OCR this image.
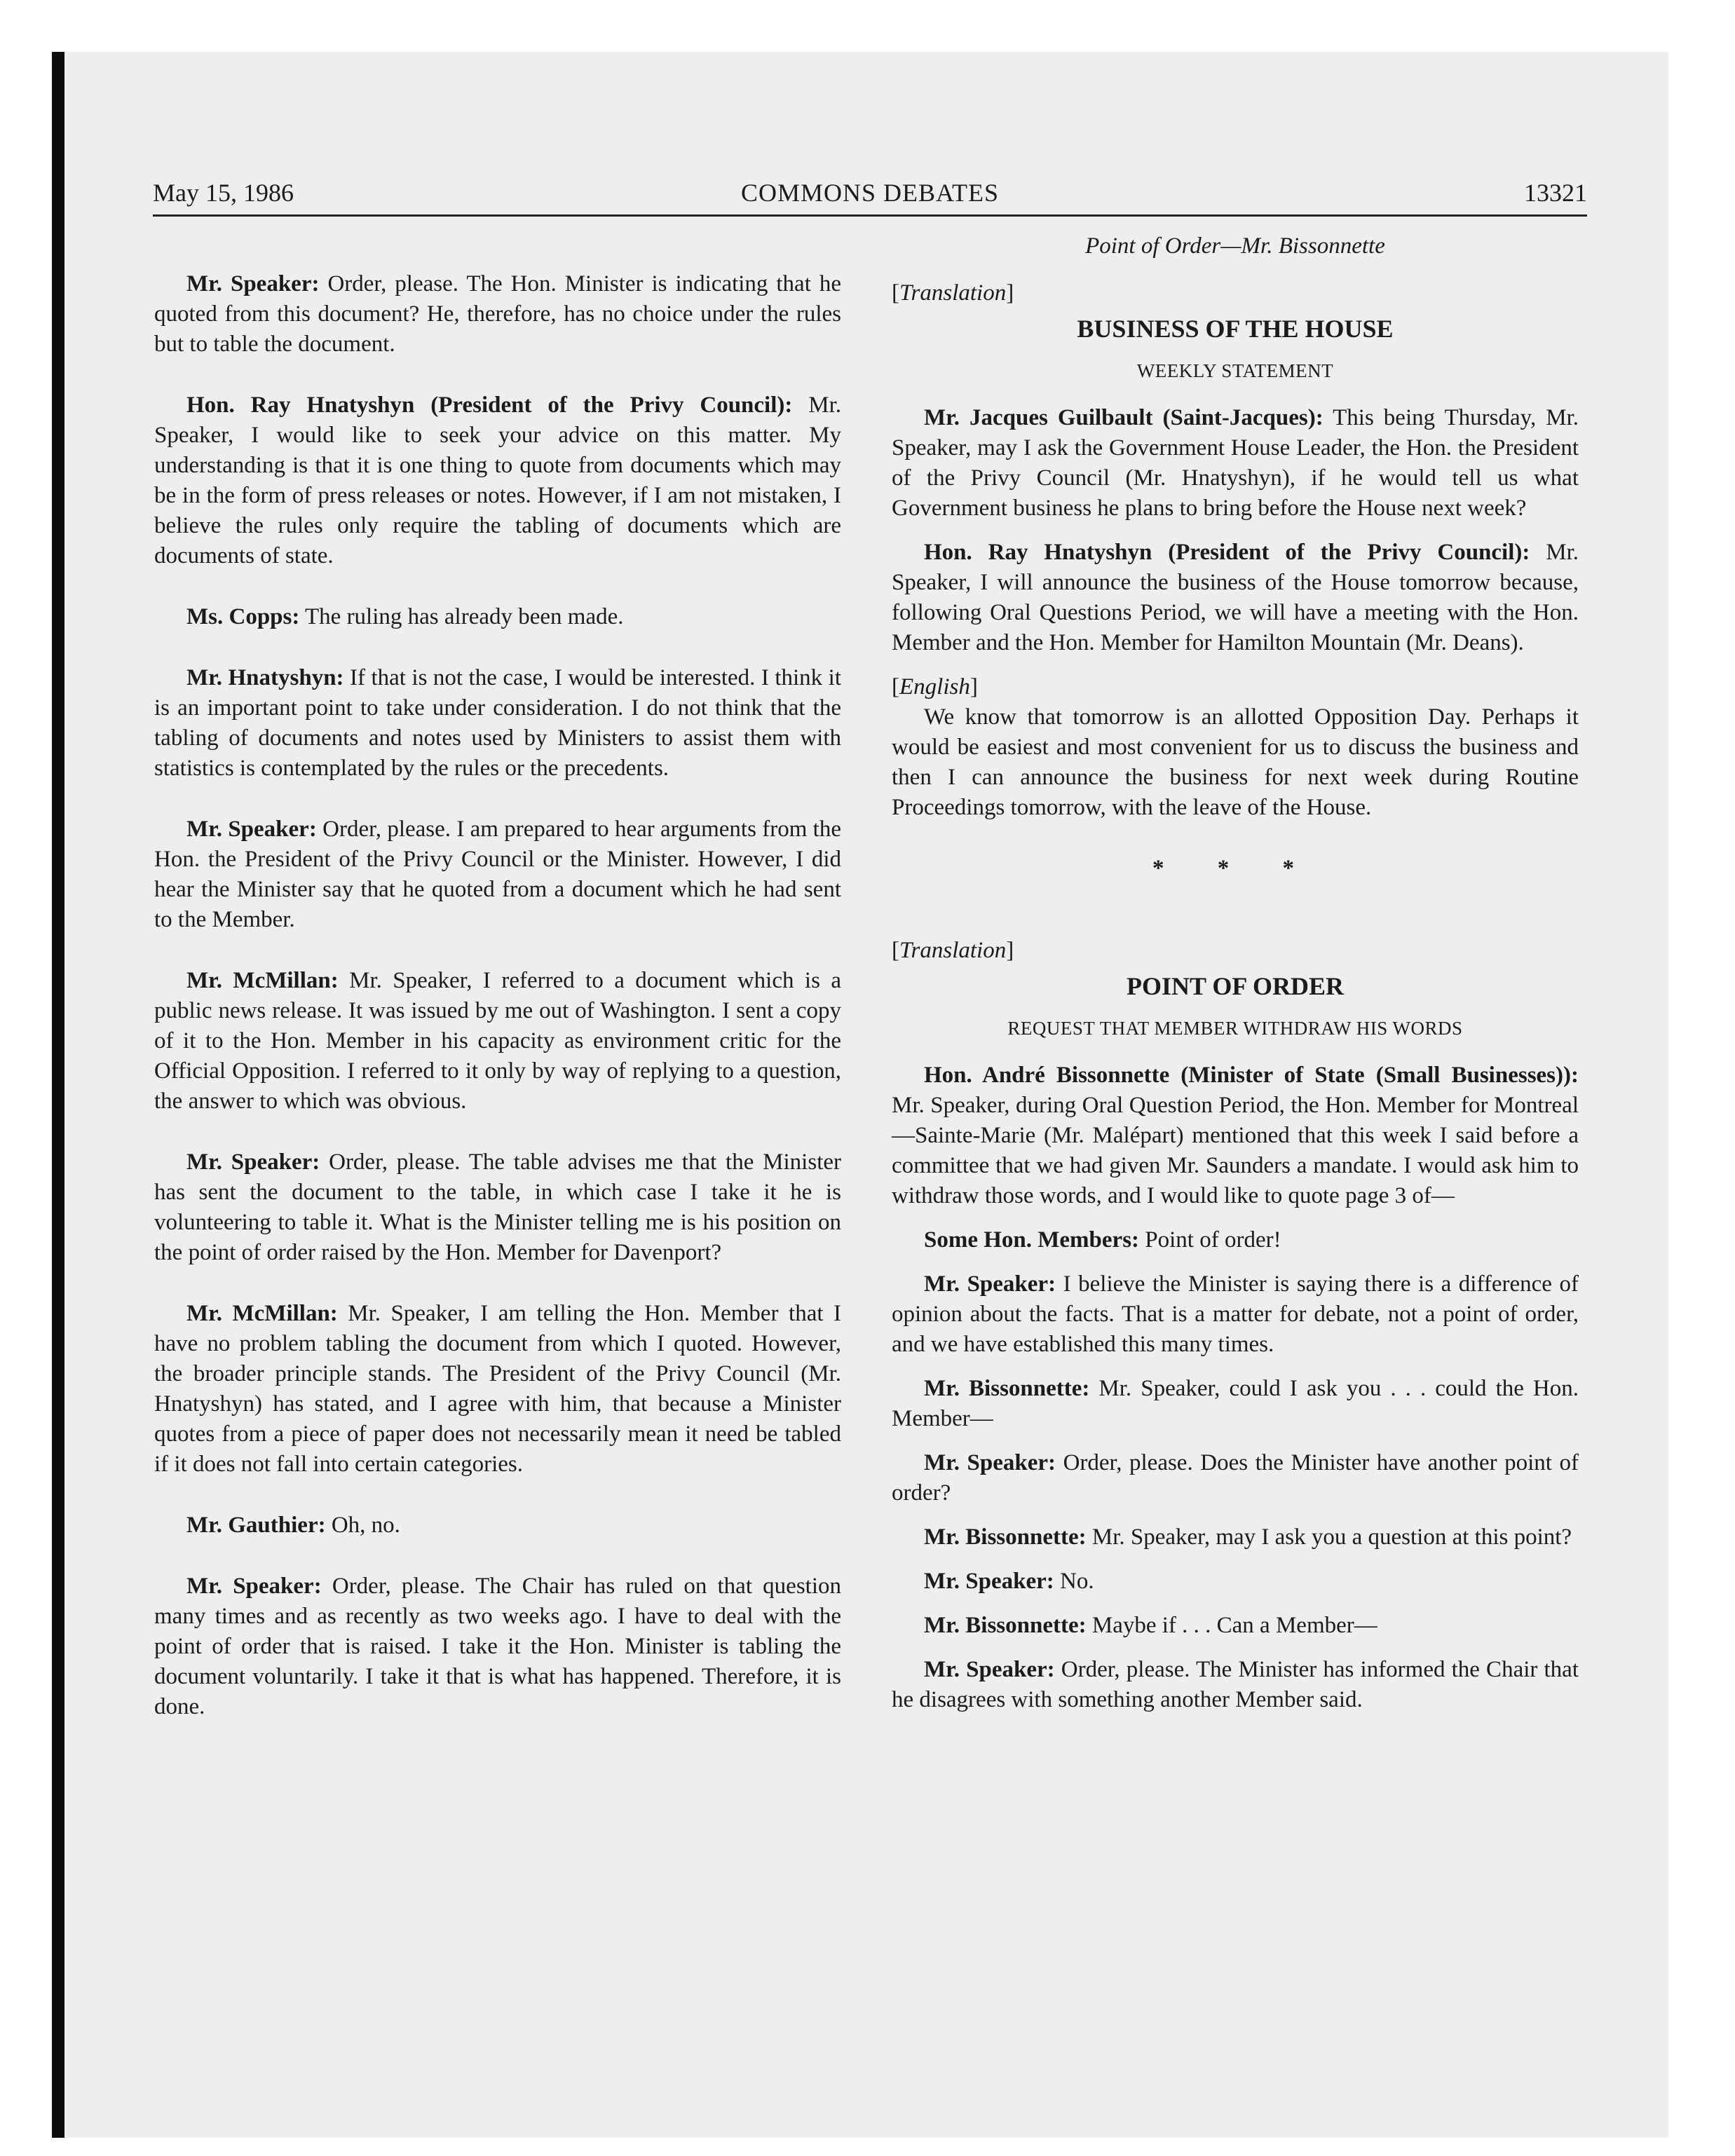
May 15, 1986	COMMONS DEBATES	13321

Mr. Speaker: Order, please. The Hon. Minister is indicating that he quoted from this document? He, therefore, has no choice under the rules but to table the document.

Hon. Ray Hnatyshyn (President of the Privy Council): Mr. Speaker, I would like to seek your advice on this matter. My understanding is that it is one thing to quote from documents which may be in the form of press releases or notes. However, if I am not mistaken, I believe the rules only require the tabling of documents which are documents of state.

Ms. Copps: The ruling has already been made.

Mr. Hnatyshyn: If that is not the case, I would be interested. I think it is an important point to take under consideration. I do not think that the tabling of documents and notes used by Ministers to assist them with statistics is contemplated by the rules or the precedents.

Mr. Speaker: Order, please. I am prepared to hear arguments from the Hon. the President of the Privy Council or the Minister. However, I did hear the Minister say that he quoted from a document which he had sent to the Member.

Mr. McMillan: Mr. Speaker, I referred to a document which is a public news release. It was issued by me out of Washington. I sent a copy of it to the Hon. Member in his capacity as environment critic for the Official Opposition. I referred to it only by way of replying to a question, the answer to which was obvious.

Mr. Speaker: Order, please. The table advises me that the Minister has sent the document to the table, in which case I take it he is volunteering to table it. What is the Minister telling me is his position on the point of order raised by the Hon. Member for Davenport?

Mr. McMillan: Mr. Speaker, I am telling the Hon. Member that I have no problem tabling the document from which I quoted. However, the broader principle stands. The President of the Privy Council (Mr. Hnatyshyn) has stated, and I agree with him, that because a Minister quotes from a piece of paper does not necessarily mean it need be tabled if it does not fall into certain categories.

Mr. Gauthier: Oh, no.

Mr. Speaker: Order, please. The Chair has ruled on that question many times and as recently as two weeks ago. I have to deal with the point of order that is raised. I take it the Hon. Minister is tabling the document voluntarily. I take it that is what has happened. Therefore, it is done.

Point of Order—Mr. Bissonnette

[Translation]

BUSINESS OF THE HOUSE

WEEKLY STATEMENT

Mr. Jacques Guilbault (Saint-Jacques): This being Thursday, Mr. Speaker, may I ask the Government House Leader, the Hon. the President of the Privy Council (Mr. Hnatyshyn), if he would tell us what Government business he plans to bring before the House next week?

Hon. Ray Hnatyshyn (President of the Privy Council): Mr. Speaker, I will announce the business of the House tomorrow because, following Oral Questions Period, we will have a meeting with the Hon. Member and the Hon. Member for Hamilton Mountain (Mr. Deans).

[English]

We know that tomorrow is an allotted Opposition Day. Perhaps it would be easiest and most convenient for us to discuss the business and then I can announce the business for next week during Routine Proceedings tomorrow, with the leave of the House.

* * *

[Translation]

POINT OF ORDER

REQUEST THAT MEMBER WITHDRAW HIS WORDS

Hon. André Bissonnette (Minister of State (Small Businesses)): Mr. Speaker, during Oral Question Period, the Hon. Member for Montreal—Sainte-Marie (Mr. Malépart) mentioned that this week I said before a committee that we had given Mr. Saunders a mandate. I would ask him to withdraw those words, and I would like to quote page 3 of—

Some Hon. Members: Point of order!

Mr. Speaker: I believe the Minister is saying there is a difference of opinion about the facts. That is a matter for debate, not a point of order, and we have established this many times.

Mr. Bissonnette: Mr. Speaker, could I ask you . . . could the Hon. Member—

Mr. Speaker: Order, please. Does the Minister have another point of order?

Mr. Bissonnette: Mr. Speaker, may I ask you a question at this point?

Mr. Speaker: No.

Mr. Bissonnette: Maybe if . . . Can a Member—

Mr. Speaker: Order, please. The Minister has informed the Chair that he disagrees with something another Member said.
